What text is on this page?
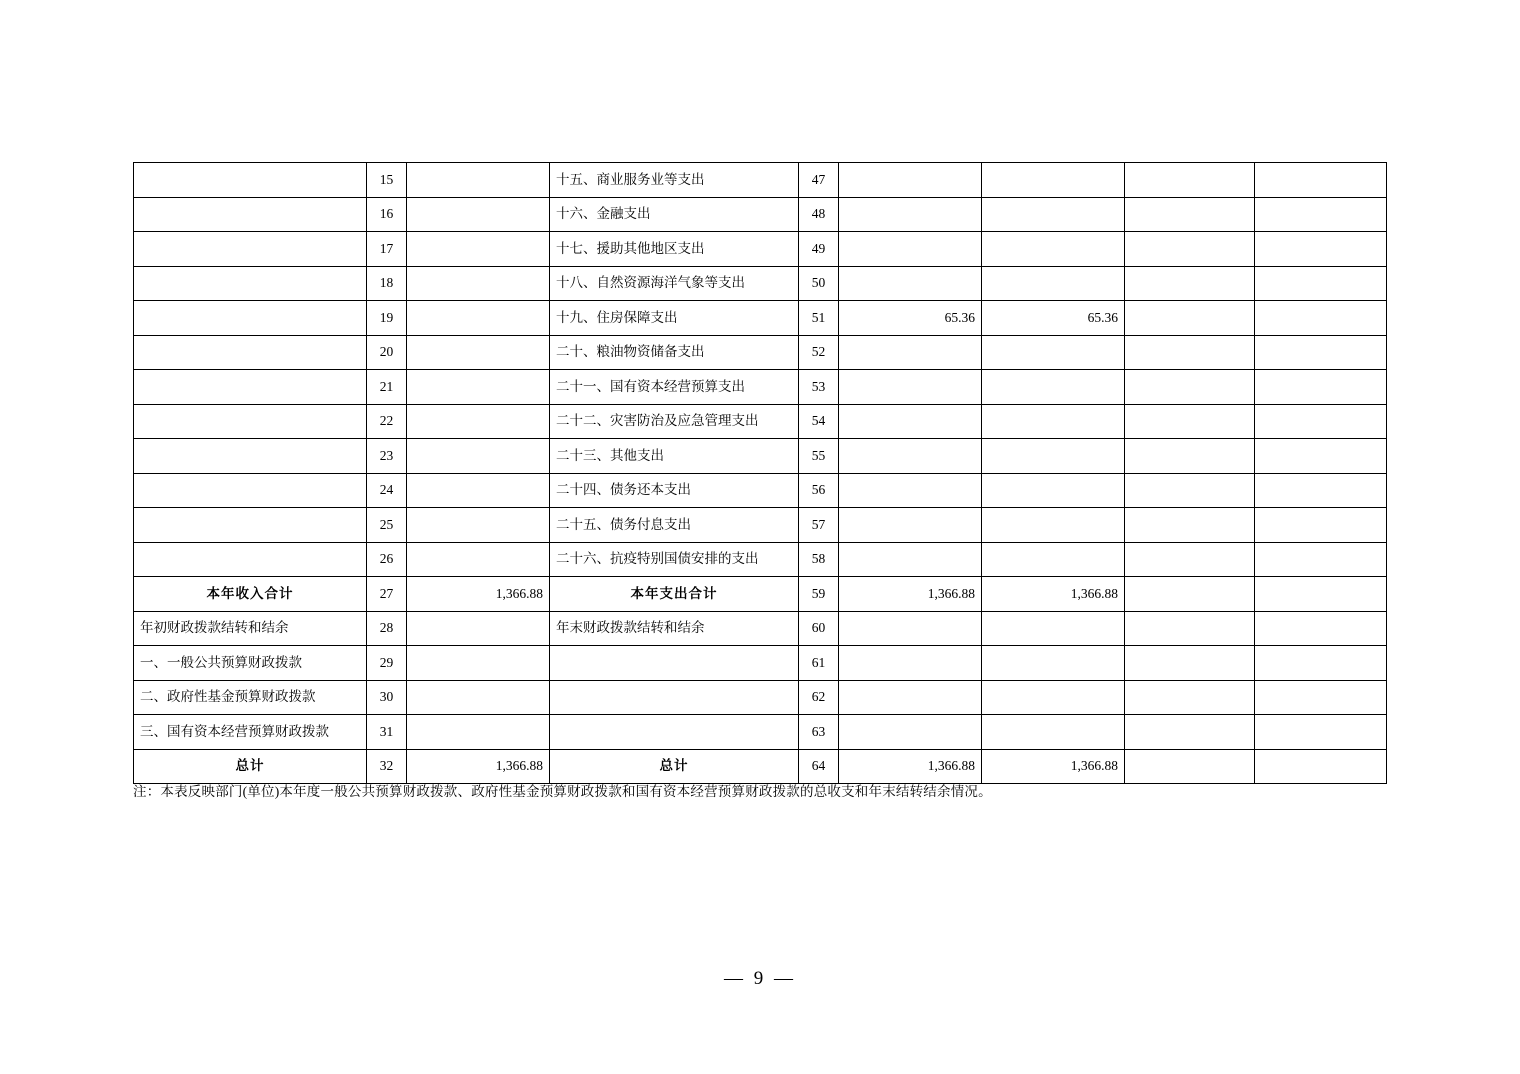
	15		十五、商业服务业等支出	47				
	16		十六、金融支出	48				
	17		十七、援助其他地区支出	49				
	18		十八、自然资源海洋气象等支出	50				
	19		十九、住房保障支出	51	65.36	65.36		
	20		二十、粮油物资储备支出	52				
	21		二十一、国有资本经营预算支出	53				
	22		二十二、灾害防治及应急管理支出	54				
	23		二十三、其他支出	55				
	24		二十四、债务还本支出	56				
	25		二十五、债务付息支出	57				
	26		二十六、抗疫特别国债安排的支出	58				
本年收入合计	27	1,366.88	本年支出合计	59	1,366.88	1,366.88		
年初财政拨款结转和结余	28		年末财政拨款结转和结余	60				
一、一般公共预算财政拨款	29			61				
二、政府性基金预算财政拨款	30			62				
三、国有资本经营预算财政拨款	31			63				
总计	32	1,366.88	总计	64	1,366.88	1,366.88		
注：本表反映部门(单位)本年度一般公共预算财政拨款、政府性基金预算财政拨款和国有资本经营预算财政拨款的总收支和年末结转结余情况。
— 9 —
